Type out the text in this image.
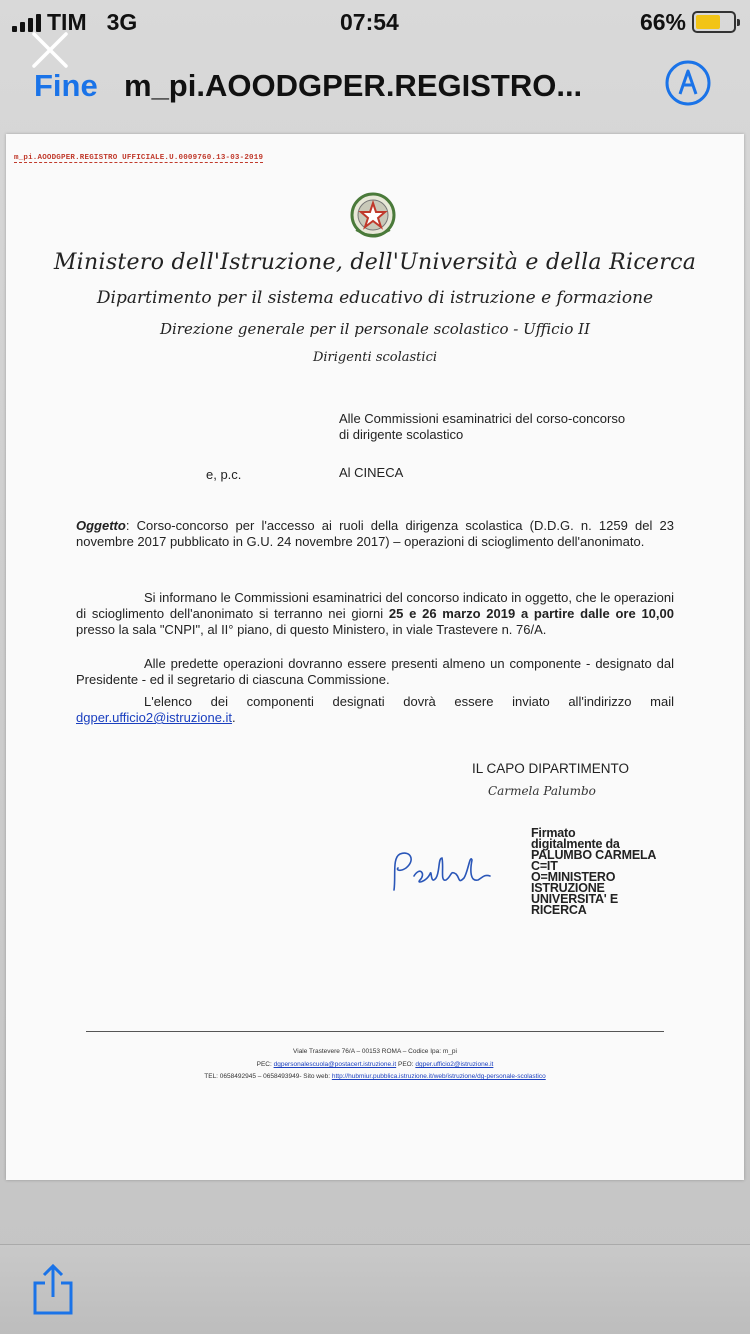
TIM 3G	07:54	66%
Fine m_pi.AOODGPER.REGISTRO...
m_pi.AOODGPER.REGISTRO UFFICIALE.U.0009760.13-03-2019
Ministero dell'Istruzione, dell'Università e della Ricerca
Dipartimento per il sistema educativo di istruzione e formazione
Direzione generale per il personale scolastico - Ufficio II
Dirigenti scolastici
Alle Commissioni esaminatrici del corso-concorso
di dirigente scolastico
e, p.c.	Al CINECA
Oggetto: Corso-concorso per l'accesso ai ruoli della dirigenza scolastica (D.D.G. n. 1259 del 23 novembre 2017 pubblicato in G.U. 24 novembre 2017) – operazioni di scioglimento dell'anonimato.
Si informano le Commissioni esaminatrici del concorso indicato in oggetto, che le operazioni di scioglimento dell'anonimato si terranno nei giorni 25 e 26 marzo 2019 a partire dalle ore 10,00 presso la sala "CNPI", al II° piano, di questo Ministero, in viale Trastevere n. 76/A.
Alle predette operazioni dovranno essere presenti almeno un componente - designato dal Presidente - ed il segretario di ciascuna Commissione.
L'elenco dei componenti designati dovrà essere inviato all'indirizzo mail dgper.ufficio2@istruzione.it.
IL CAPO DIPARTIMENTO
Carmela Palumbo
Firmato
digitalmente da
PALUMBO CARMELA
C=IT
O=MINISTERO
ISTRUZIONE
UNIVERSITA' E
RICERCA
Viale Trastevere 76/A – 00153 ROMA – Codice Ipa: m_pi
PEC: dgpersonalescuola@postacert.istruzione.it PEO: dgper.ufficio2@istruzione.it
TEL: 0658492945 – 0658493949- Sito web: http://hubmiur.pubblica.istruzione.it/web/istruzione/dg-personale-scolastico
